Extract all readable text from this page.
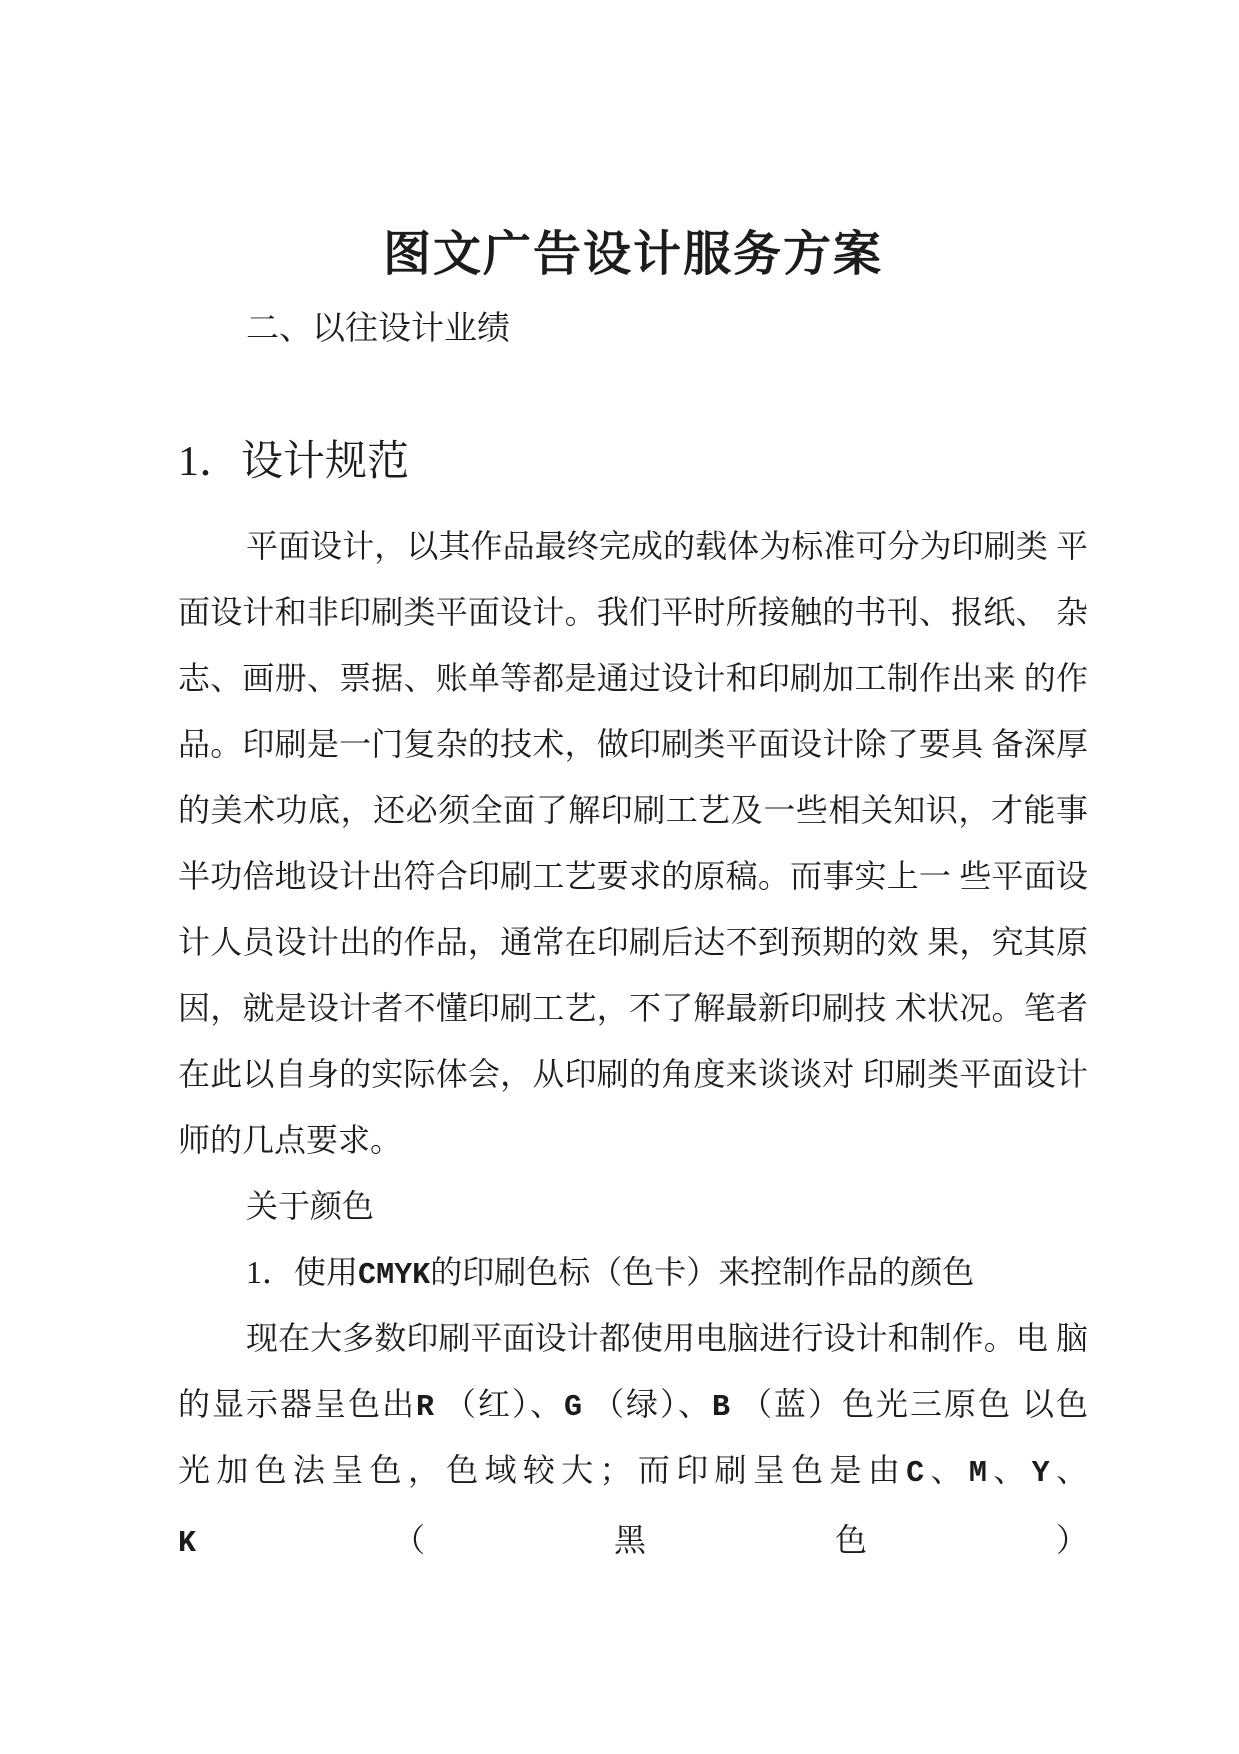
图文广告设计服务方案
二、以往设计业绩
1．设计规范
平面设计，以其作品最终完成的载体为标准可分为印刷类 平
面设计和非印刷类平面设计。我们平时所接触的书刊、报纸、 杂
志、画册、票据、账单等都是通过设计和印刷加工制作出来 的作
品。印刷是一门复杂的技术，做印刷类平面设计除了要具 备深厚
的美术功底，还必须全面了解印刷工艺及一些相关知识，才能事
半功倍地设计出符合印刷工艺要求的原稿。而事实上一 些平面设
计人员设计出的作品，通常在印刷后达不到预期的效 果，究其原
因，就是设计者不懂印刷工艺，不了解最新印刷技 术状况。笔者
在此以自身的实际体会，从印刷的角度来谈谈对 印刷类平面设计
师的几点要求。
关于颜色
1．使用CMYK的印刷色标（色卡）来控制作品的颜色
现在大多数印刷平面设计都使用电脑进行设计和制作。电 脑
的显示器呈色出R （红）、G （绿）、B （蓝）色光三原色 以色
光加色法呈色，色域较大；而印刷呈色是由C、M、Y、 K （黑色）
